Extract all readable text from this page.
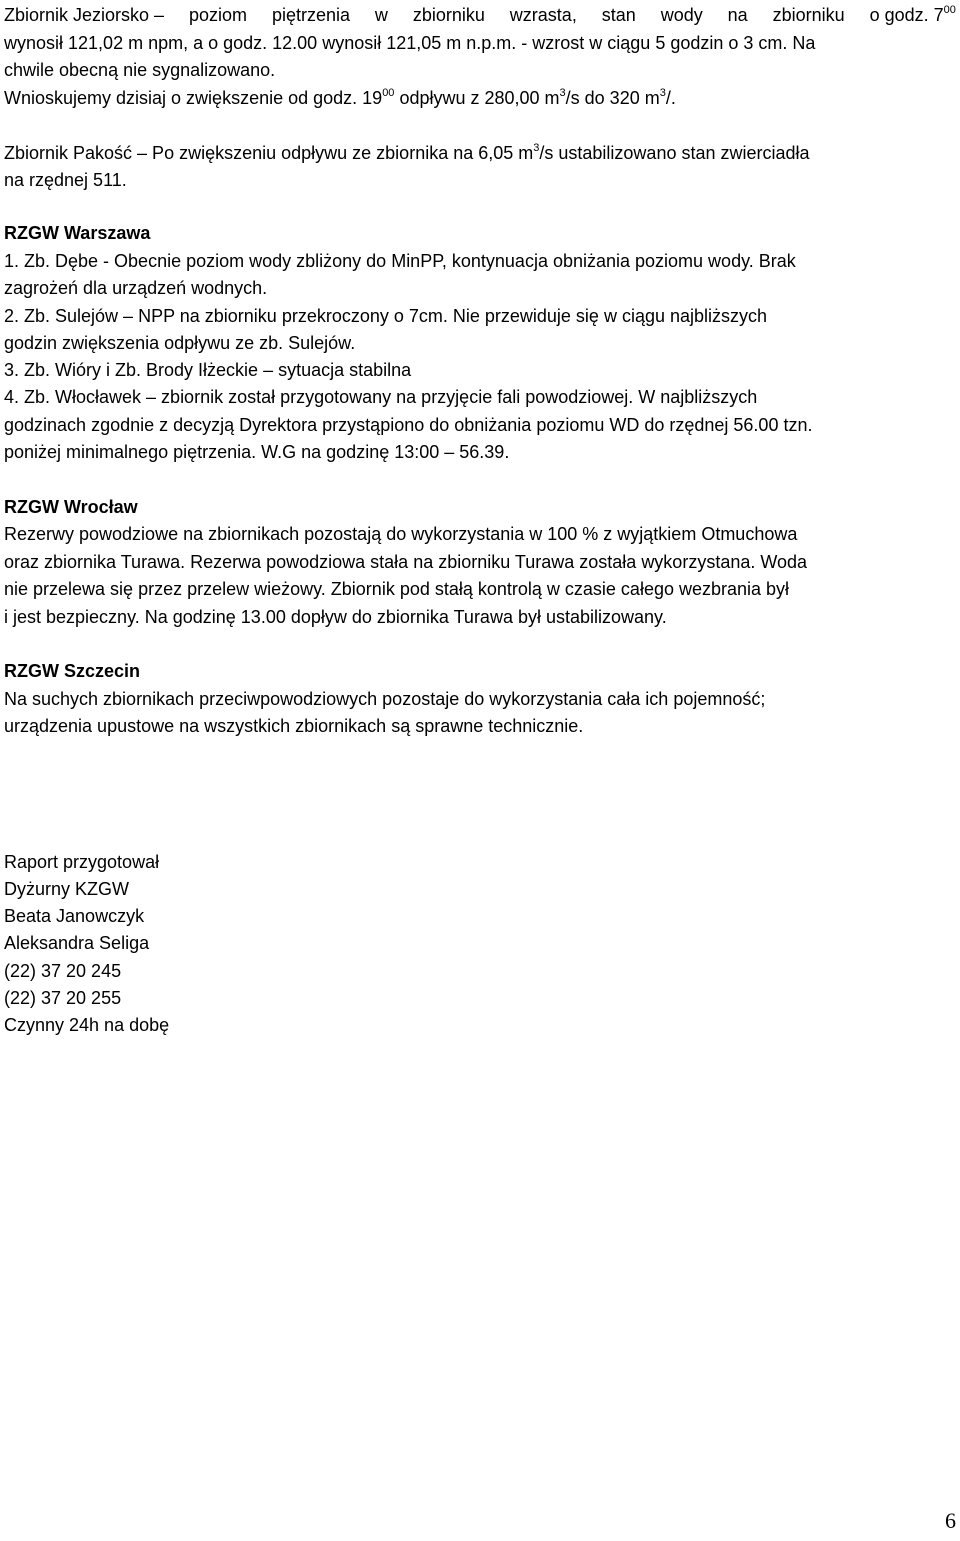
Zbiornik Jeziorsko – poziom piętrzenia w zbiorniku wzrasta, stan wody na zbiorniku o godz. $7^{00}$
wynosił 121,02 m npm, a o godz. 12.00 wynosił 121,05 m n.p.m. - wzrost w ciągu 5 godzin o 3 cm. Na
chwile obecną nie sygnalizowano.
Wnioskujemy dzisiaj o zwiększenie od godz. $19^{00}$ odpływu z 280,00 $m^3/s$ do 320 $m^3/$.
Zbiornik Pakość – Po zwiększeniu odpływu ze zbiornika na 6,05 $m^3/s$ ustabilizowano stan zwierciadła
na rzędnej 511.
RZGW Warszawa
1. Zb. Dębe - Obecnie poziom wody zbliżony do MinPP, kontynuacja obniżania poziomu wody. Brak
zagrożeń dla urządzeń wodnych.
2. Zb. Sulejów – NPP na zbiorniku przekroczony o 7cm. Nie przewiduje się w ciągu najbliższych
godzin zwiększenia odpływu ze zb. Sulejów.
3. Zb. Wióry i Zb. Brody Iłżeckie – sytuacja stabilna
4. Zb. Włocławek – zbiornik został przygotowany na przyjęcie fali powodziowej. W najbliższych
godzinach zgodnie z decyzją Dyrektora przystąpiono do obniżania poziomu WD do rzędnej 56.00 tzn.
poniżej minimalnego piętrzenia. W.G na godzinę 13:00 – 56.39.
RZGW Wrocław
Rezerwy powodziowe na zbiornikach pozostają do wykorzystania w 100 % z wyjątkiem Otmuchowa
oraz zbiornika Turawa. Rezerwa powodziowa stała na zbiorniku Turawa została wykorzystana. Woda
nie przelewa się przez przelew wieżowy. Zbiornik pod stałą kontrolą w czasie całego wezbrania był
i jest bezpieczny. Na godzinę 13.00 dopływ do zbiornika Turawa był ustabilizowany.
RZGW Szczecin
Na suchych zbiornikach przeciwpowodziowych pozostaje do wykorzystania cała ich pojemność;
urządzenia upustowe na wszystkich zbiornikach są sprawne technicznie.
Raport przygotował
Dyżurny KZGW
Beata Janowczyk
Aleksandra Seliga
(22) 37 20 245
(22) 37 20 255
Czynny 24h na dobę
6
